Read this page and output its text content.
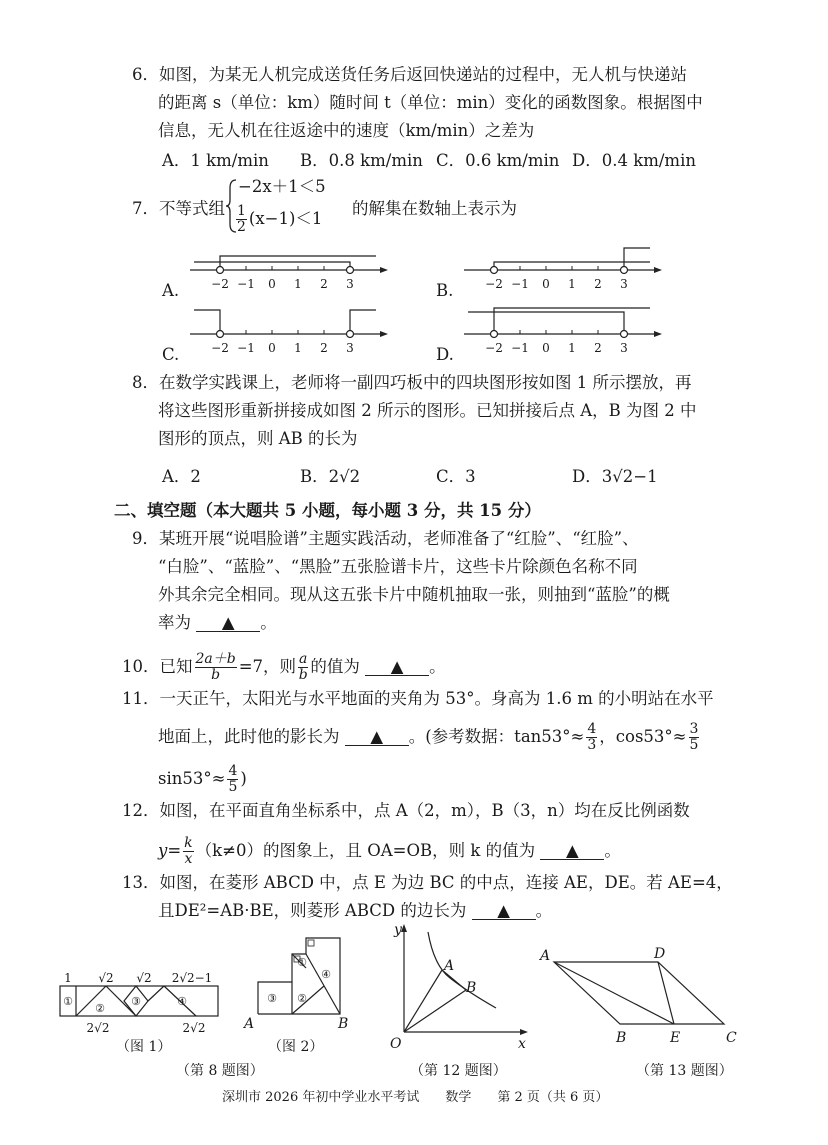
6．如图，为某无人机完成送货任务后返回快递站的过程中，无人机与快递站
的距离 s（单位：km）随时间 t（单位：min）变化的函数图象。根据图中
信息，无人机在往返途中的速度（km/min）之差为
A．1 km/min B．0.8 km/min C．0.6 km/min D．0.4 km/min
7．不等式组
−2x＋1＜5
$\frac{1}{2} (x-1)<1$
的解集在数轴上表示为
A.	B.
C.	D.
−2 −1 0 1 2 3	−2 −1 0 1 2 3
−2 −1 0 1 2 3	−2 −1 0 1 2 3
8．在数学实践课上，老师将一副四巧板中的四块图形按如图 1 所示摆放，再
将这些图形重新拼接成如图 2 所示的图形。已知拼接后点 A，B 为图 2 中
图形的顶点，则 AB 的长为
A．2	B．2√2	C．3	D．3√2−1
二、填空题（本大题共 5 小题，每小题 3 分，共 15 分）
9．某班开展“说唱脸谱”主题实践活动，老师准备了“红脸”、“红脸”、
“白脸”、“蓝脸”、“黑脸”五张脸谱卡片，这些卡片除颜色名称不同
外其余完全相同。现从这五张卡片中随机抽取一张，则抽到“蓝脸”的概
率为 ▲ 。
10．已知 $\frac{2a+b}{b} =7$，则 $\frac{a}{b}$ 的值为 ▲ 。
11．一天正午，太阳光与水平地面的夹角为 53°。身高为 1.6 m 的小明站在水平
地面上，此时他的影长为 ▲ 。(参考数据：$\tan 53^\circ\approx \frac{4}{3}$ ，$\cos 53^\circ\approx \frac{3}{5}$
$\sin 53^\circ\approx \frac{4}{5}$ )
12．如图，在平面直角坐标系中，点 A（2，m），B（3，n）均在反比例函数
$y= \frac{k}{x} (k\ne 0)$的图象上，且 OA=OB，则 k 的值为 ▲ 。
13．如图，在菱形 ABCD 中，点 E 为边 BC 的中点，连接 AE，DE。若 AE=4，
且DE²=AB·BE，则菱形 ABCD 的边长为 ▲ 。
1 √2 √2 2√2−1
①
②
③	④
2√2	2√2
（图 1）
①
②
③
④
A	B
（图 2）
（第 8 题图）
y
x
O
A
B
（第 12 题图）
A	D
B	E	C
（第 13 题图）
深圳市 2026 年初中学业水平考试　　数学　　第 2 页（共 6 页）
